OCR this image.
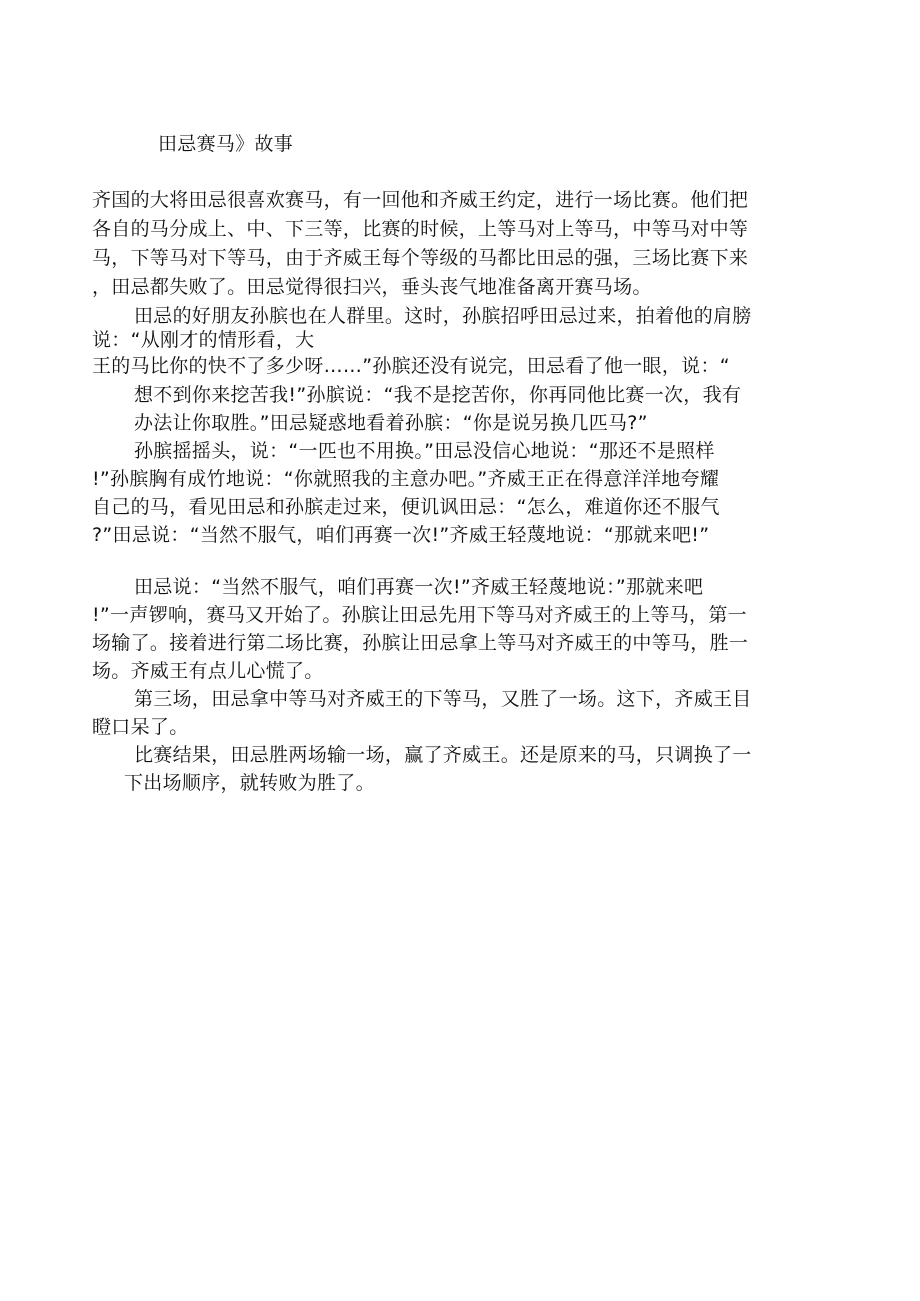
田忌赛马》故事
齐国的大将田忌很喜欢赛马，有一回他和齐威王约定，进行一场比赛。他们把
各自的马分成上、中、下三等，比赛的时候，上等马对上等马，中等马对中等
马，下等马对下等马，由于齐威王每个等级的马都比田忌的强，三场比赛下来
，田忌都失败了。田忌觉得很扫兴，垂头丧气地准备离开赛马场。
田忌的好朋友孙膑也在人群里。这时，孙膑招呼田忌过来，拍着他的肩膀
说：“从刚才的情形看，大
王的马比你的快不了多少呀……”孙膑还没有说完，田忌看了他一眼，说：“
想不到你来挖苦我!”孙膑说：“我不是挖苦你，你再同他比赛一次，我有
办法让你取胜。”田忌疑惑地看着孙膑：“你是说另换几匹马?”
孙膑摇摇头，说：“一匹也不用换。”田忌没信心地说：“那还不是照样
!”孙膑胸有成竹地说：“你就照我的主意办吧。”齐威王正在得意洋洋地夸耀
自己的马，看见田忌和孙膑走过来，便讥讽田忌：“怎么，难道你还不服气
?”田忌说：“当然不服气，咱们再赛一次!”齐威王轻蔑地说：“那就来吧!”
田忌说：“当然不服气，咱们再赛一次!”齐威王轻蔑地说：”那就来吧
!”一声锣响，赛马又开始了。孙膑让田忌先用下等马对齐威王的上等马，第一
场输了。接着进行第二场比赛，孙膑让田忌拿上等马对齐威王的中等马，胜一
场。齐威王有点儿心慌了。
第三场，田忌拿中等马对齐威王的下等马，又胜了一场。这下，齐威王目
瞪口呆了。
比赛结果，田忌胜两场输一场，赢了齐威王。还是原来的马，只调换了一
下出场顺序，就转败为胜了。
